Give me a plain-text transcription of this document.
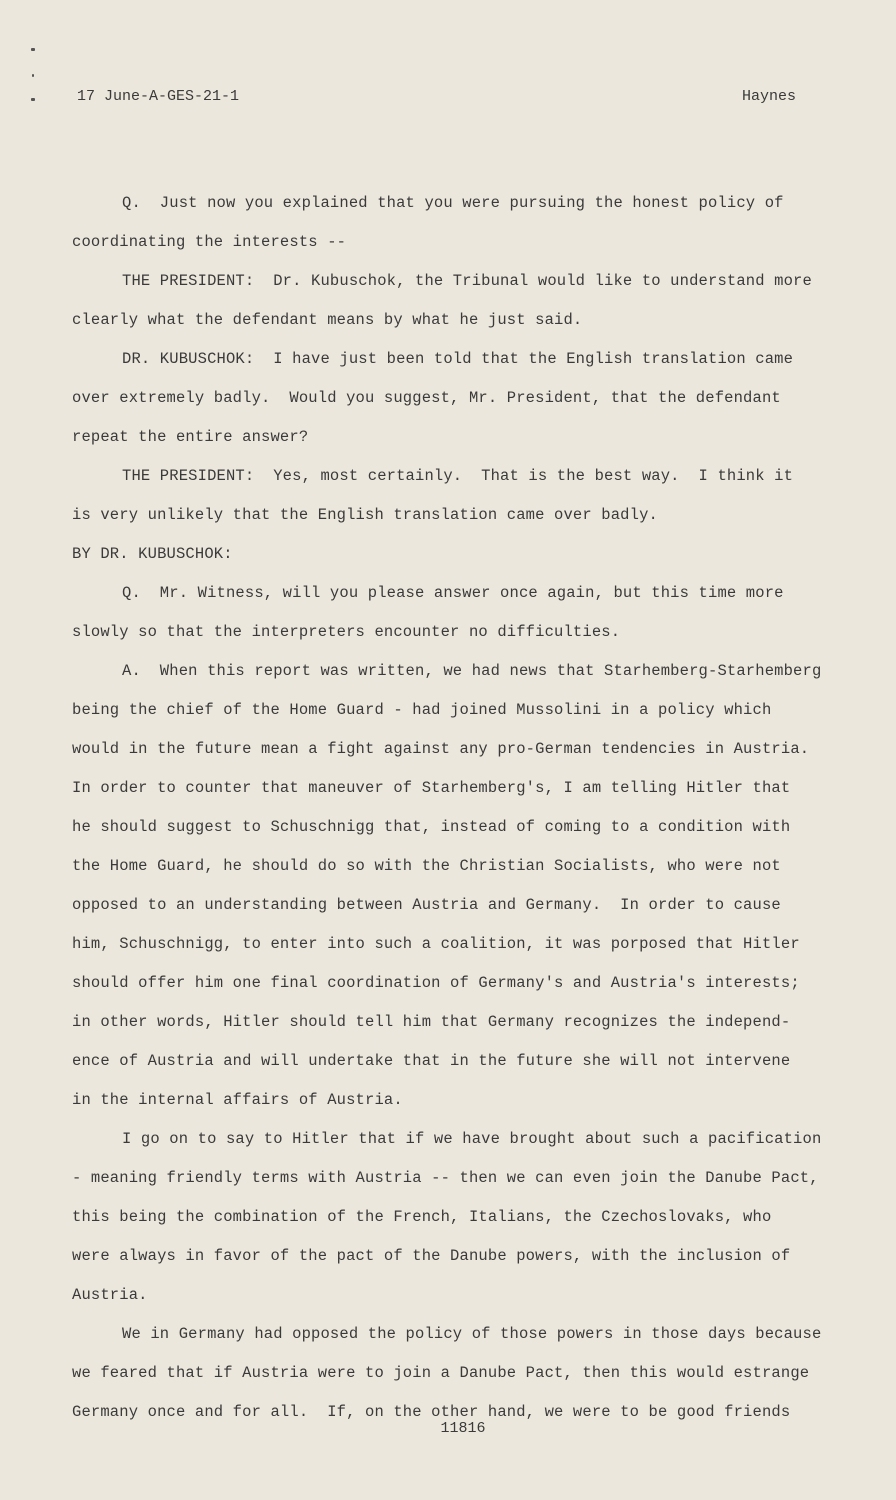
17 June-A-GES-21-1	Haynes
Q.  Just now you explained that you were pursuing the honest policy of
coordinating the interests --
THE PRESIDENT:  Dr. Kubuschok, the Tribunal would like to understand more
clearly what the defendant means by what he just said.
DR. KUBUSCHOK:  I have just been told that the English translation came
over extremely badly.  Would you suggest, Mr. President, that the defendant
repeat the entire answer?
THE PRESIDENT:  Yes, most certainly.  That is the best way.  I think it
is very unlikely that the English translation came over badly.
BY DR. KUBUSCHOK:
Q.  Mr. Witness, will you please answer once again, but this time more
slowly so that the interpreters encounter no difficulties.
A.  When this report was written, we had news that Starhemberg-Starhemberg
being the chief of the Home Guard - had joined Mussolini in a policy which
would in the future mean a fight against any pro-German tendencies in Austria.
In order to counter that maneuver of Starhemberg's, I am telling Hitler that
he should suggest to Schuschnigg that, instead of coming to a condition with
the Home Guard, he should do so with the Christian Socialists, who were not
opposed to an understanding between Austria and Germany.  In order to cause
him, Schuschnigg, to enter into such a coalition, it was porposed that Hitler
should offer him one final coordination of Germany's and Austria's interests;
in other words, Hitler should tell him that Germany recognizes the independ-
ence of Austria and will undertake that in the future she will not intervene
in the internal affairs of Austria.
I go on to say to Hitler that if we have brought about such a pacification
- meaning friendly terms with Austria -- then we can even join the Danube Pact,
this being the combination of the French, Italians, the Czechoslovaks, who
were always in favor of the pact of the Danube powers, with the inclusion of
Austria.
We in Germany had opposed the policy of those powers in those days because
we feared that if Austria were to join a Danube Pact, then this would estrange
Germany once and for all.  If, on the other hand, we were to be good friends
11816
